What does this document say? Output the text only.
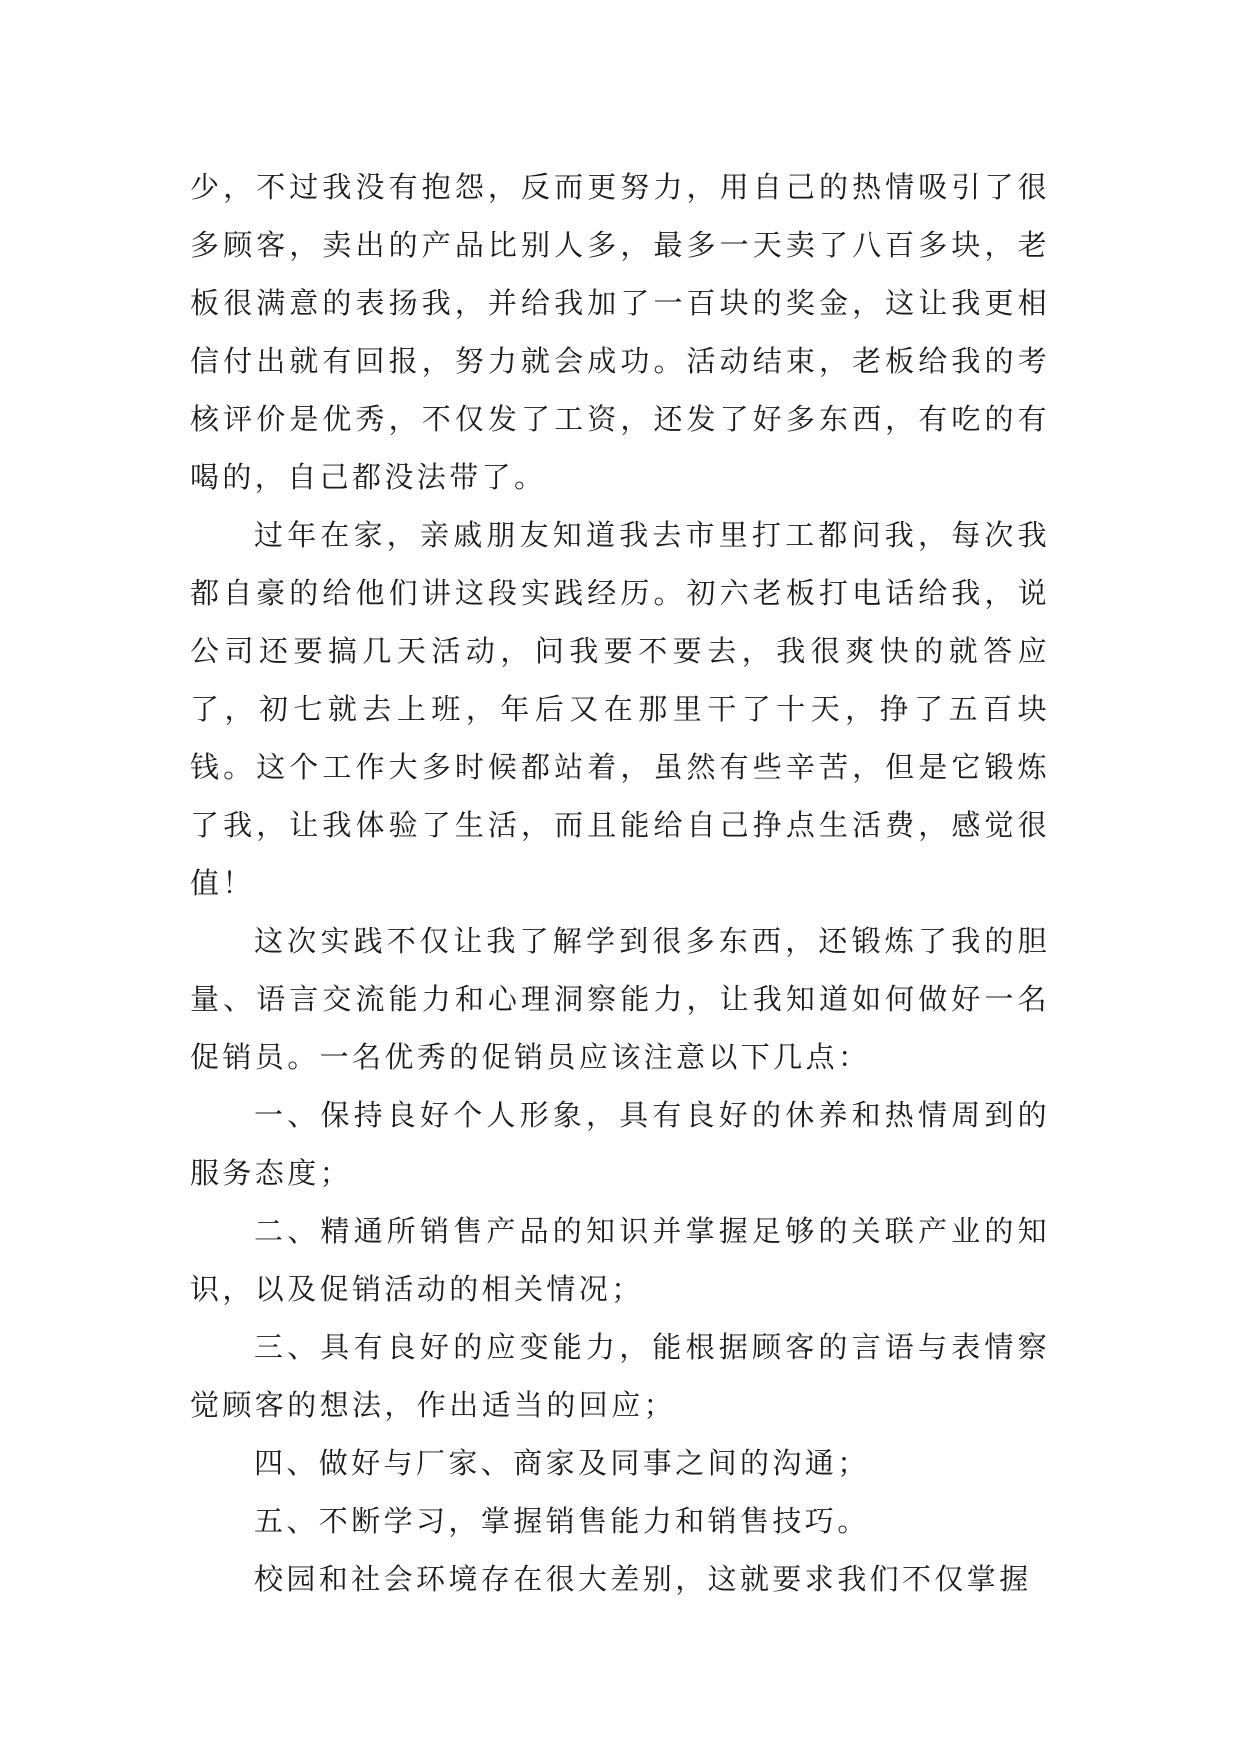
少，不过我没有抱怨，反而更努力，用自己的热情吸引了很多顾客，卖出的产品比别人多，最多一天卖了八百多块，老板很满意的表扬我，并给我加了一百块的奖金，这让我更相信付出就有回报，努力就会成功。活动结束，老板给我的考核评价是优秀，不仅发了工资，还发了好多东西，有吃的有喝的，自己都没法带了。

过年在家，亲戚朋友知道我去市里打工都问我，每次我都自豪的给他们讲这段实践经历。初六老板打电话给我，说公司还要搞几天活动，问我要不要去，我很爽快的就答应了，初七就去上班，年后又在那里干了十天，挣了五百块钱。这个工作大多时候都站着，虽然有些辛苦，但是它锻炼了我，让我体验了生活，而且能给自己挣点生活费，感觉很值！

这次实践不仅让我了解学到很多东西，还锻炼了我的胆量、语言交流能力和心理洞察能力，让我知道如何做好一名促销员。一名优秀的促销员应该注意以下几点：

一、保持良好个人形象，具有良好的休养和热情周到的服务态度；

二、精通所销售产品的知识并掌握足够的关联产业的知识，以及促销活动的相关情况；

三、具有良好的应变能力，能根据顾客的言语与表情察觉顾客的想法，作出适当的回应；

四、做好与厂家、商家及同事之间的沟通；

五、不断学习，掌握销售能力和销售技巧。

校园和社会环境存在很大差别，这就要求我们不仅掌握
